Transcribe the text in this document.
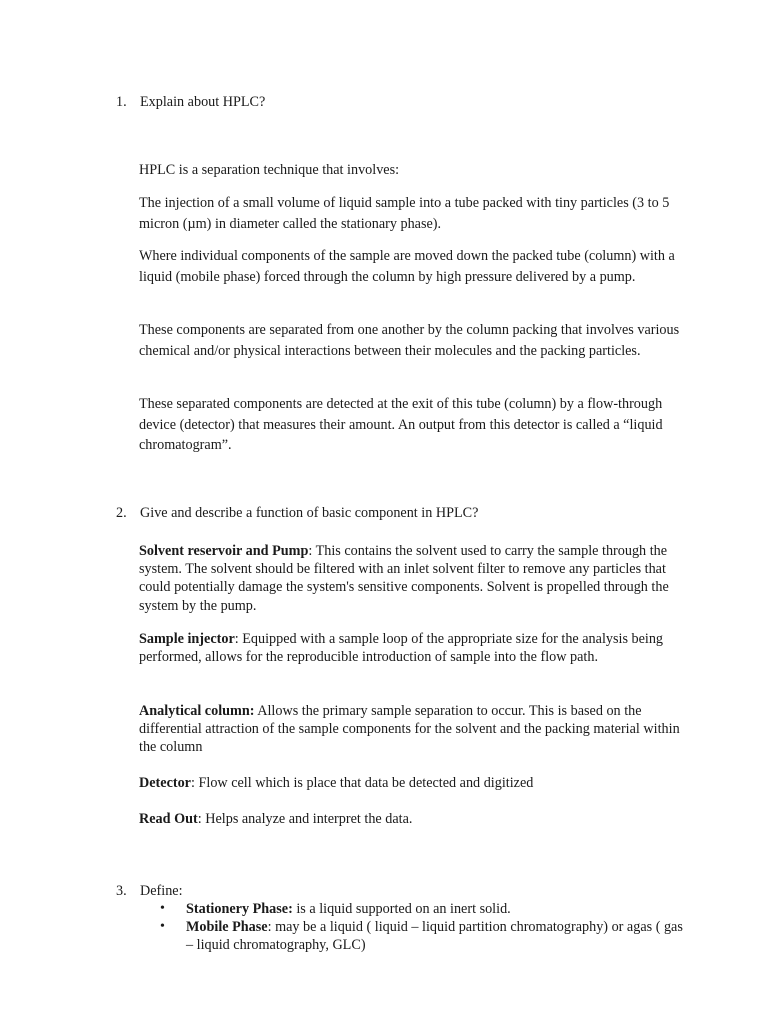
1. Explain about HPLC?
HPLC is a separation technique that involves:
The injection of a small volume of liquid sample into a tube packed with tiny particles (3 to 5 micron (µm) in diameter called the stationary phase).
Where individual components of the sample are moved down the packed tube (column) with a liquid (mobile phase) forced through the column by high pressure delivered by a pump.
These components are separated from one another by the column packing that involves various chemical and/or physical interactions between their molecules and the packing particles.
These separated components are detected at the exit of this tube (column) by a flow-through device (detector) that measures their amount. An output from this detector is called a “liquid chromatogram”.
2. Give and describe a function of basic component in HPLC?
Solvent reservoir and Pump: This contains the solvent used to carry the sample through the system. The solvent should be filtered with an inlet solvent filter to remove any particles that could potentially damage the system's sensitive components. Solvent is propelled through the system by the pump.
Sample injector: Equipped with a sample loop of the appropriate size for the analysis being performed, allows for the reproducible introduction of sample into the flow path.
Analytical column: Allows the primary sample separation to occur. This is based on the differential attraction of the sample components for the solvent and the packing material within the column
Detector: Flow cell which is place that data be detected and digitized
Read Out: Helps analyze and interpret the data.
3. Define:
•	Stationery Phase: is a liquid supported on an inert solid.
•	Mobile Phase: may be a liquid ( liquid – liquid partition chromatography) or agas ( gas – liquid chromatography, GLC)
